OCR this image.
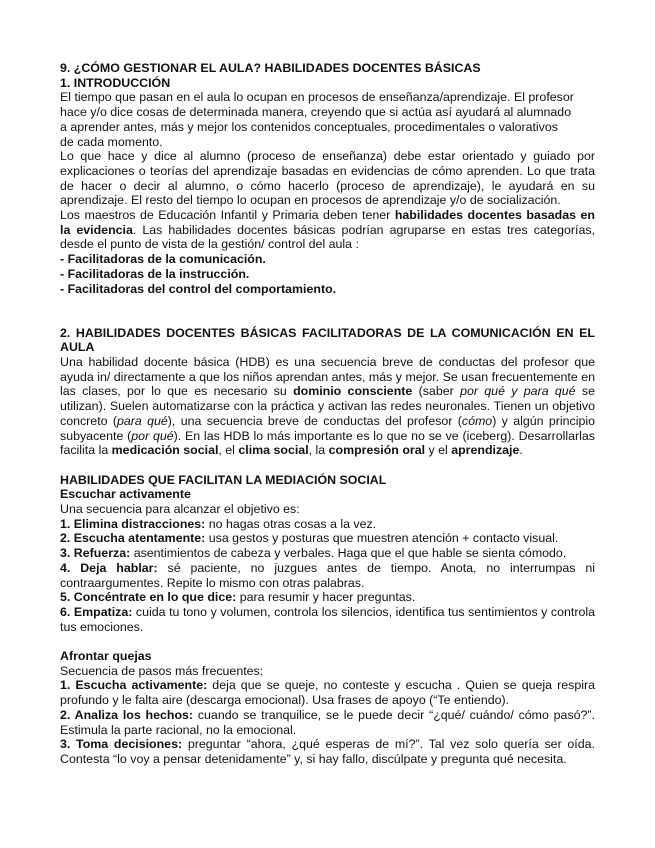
9. ¿CÓMO GESTIONAR EL AULA? HABILIDADES DOCENTES BÁSICAS

1. INTRODUCCIÓN

El tiempo que pasan en el aula lo ocupan en procesos de enseñanza/aprendizaje. El profesor

hace y/o dice cosas de determinada manera, creyendo que si actúa así ayudará al alumnado

a aprender antes, más y mejor los contenidos conceptuales, procedimentales o valorativos

de cada momento.

Lo que hace y dice al alumno (proceso de enseñanza) debe estar orientado y guiado por explicaciones o teorías del aprendizaje basadas en evidencias de cómo aprenden. Lo que trata de hacer o decir al alumno, o cómo hacerlo (proceso de aprendizaje), le ayudará en su aprendizaje. El resto del tiempo lo ocupan en procesos de aprendizaje y/o de socialización.

Los maestros de Educación Infantil y Primaria deben tener habilidades docentes basadas en la evidencia. Las habilidades docentes básicas podrían agruparse en estas tres categorías, desde el punto de vista de la gestión/ control del aula :

- Facilitadoras de la comunicación.

- Facilitadoras de la instrucción.

- Facilitadoras del control del comportamiento.

2. HABILIDADES DOCENTES BÁSICAS FACILITADORAS DE LA COMUNICACIÓN EN EL AULA

Una habilidad docente básica (HDB) es una secuencia breve de conductas del profesor que ayuda in/ directamente a que los niños aprendan antes, más y mejor. Se usan frecuentemente en las clases, por lo que es necesario su dominio consciente (saber por qué y para qué se utilizan). Suelen automatizarse con la práctica y activan las redes neuronales. Tienen un objetivo concreto (para qué), una secuencia breve de conductas del profesor (cómo) y algún principio subyacente (por qué). En las HDB lo más importante es lo que no se ve (iceberg). Desarrollarlas facilita la medicación social, el clima social, la compresión oral y el aprendizaje.

HABILIDADES QUE FACILITAN LA MEDIACIÓN SOCIAL

Escuchar activamente

Una secuencia para alcanzar el objetivo es:

1. Elimina distracciones: no hagas otras cosas a la vez.

2. Escucha atentamente: usa gestos y posturas que muestren atención + contacto visual.

3. Refuerza: asentimientos de cabeza y verbales. Haga que el que hable se sienta cómodo.

4. Deja hablar: sé paciente, no juzgues antes de tiempo. Anota, no interrumpas ni contraargumentes. Repite lo mismo con otras palabras.

5. Concéntrate en lo que dice: para resumir y hacer preguntas.

6. Empatiza: cuida tu tono y volumen, controla los silencios, identifica tus sentimientos y controla tus emociones.

Afrontar quejas

Secuencia de pasos más frecuentes:

1. Escucha activamente: deja que se queje, no conteste y escucha . Quien se queja respira profundo y le falta aire (descarga emocional). Usa frases de apoyo (“Te entiendo).

2. Analiza los hechos: cuando se tranquilice, se le puede decir “¿qué/ cuándo/ cómo pasó?”. Estimula la parte racional, no la emocional.

3. Toma decisiones: preguntar “ahora, ¿qué esperas de mí?”. Tal vez solo quería ser oída. Contesta “lo voy a pensar detenidamente” y, si hay fallo, discúlpate y pregunta qué necesita.
